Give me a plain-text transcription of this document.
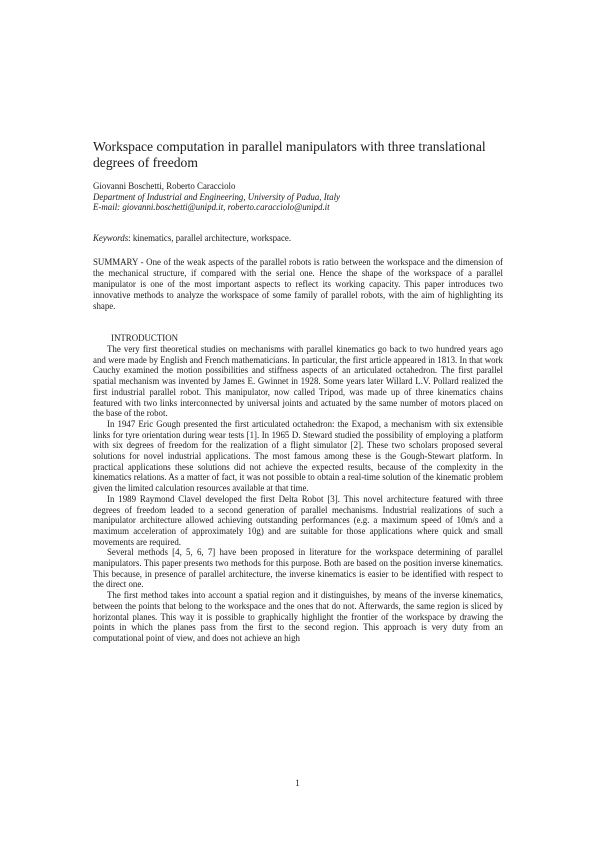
Workspace computation in parallel manipulators with three translational degrees of freedom
Giovanni Boschetti, Roberto Caracciolo
Department of Industrial and Engineering, University of Padua, Italy
E-mail: giovanni.boschetti@unipd.it, roberto.caracciolo@unipd.it
Keywords: kinematics, parallel architecture, workspace.

SUMMARY - One of the weak aspects of the parallel robots is ratio between the workspace and the dimension of the mechanical structure, if compared with the serial one. Hence the shape of the workspace of a parallel manipulator is one of the most important aspects to reflect its working capacity. This paper introduces two innovative methods to analyze the workspace of some family of parallel robots, with the aim of highlighting its shape.

INTRODUCTION

The very first theoretical studies on mechanisms with parallel kinematics go back to two hundred years ago and were made by English and French mathematicians. In particular, the first article appeared in 1813. In that work Cauchy examined the motion possibilities and stiffness aspects of an articulated octahedron. The first parallel spatial mechanism was invented by James E. Gwinnet in 1928. Some years later Willard L.V. Pollard realized the first industrial parallel robot. This manipulator, now called Tripod, was made up of three kinematics chains featured with two links interconnected by universal joints and actuated by the same number of motors placed on the base of the robot.

In 1947 Eric Gough presented the first articulated octahedron: the Exapod, a mechanism with six extensible links for tyre orientation during wear tests [1]. In 1965 D. Steward studied the possibility of employing a platform with six degrees of freedom for the realization of a flight simulator [2]. These two scholars proposed several solutions for novel industrial applications. The most famous among these is the Gough-Stewart platform. In practical applications these solutions did not achieve the expected results, because of the complexity in the kinematics relations. As a matter of fact, it was not possible to obtain a real-time solution of the kinematic problem given the limited calculation resources available at that time.

In 1989 Raymond Clavel developed the first Delta Robot [3]. This novel architecture featured with three degrees of freedom leaded to a second generation of parallel mechanisms. Industrial realizations of such a manipulator architecture allowed achieving outstanding performances (e.g. a maximum speed of 10m/s and a maximum acceleration of approximately 10g) and are suitable for those applications where quick and small movements are required.

Several methods [4, 5, 6, 7] have been proposed in literature for the workspace determining of parallel manipulators. This paper presents two methods for this purpose. Both are based on the position inverse kinematics. This because, in presence of parallel architecture, the inverse kinematics is easier to be identified with respect to the direct one.

The first method takes into account a spatial region and it distinguishes, by means of the inverse kinematics, between the points that belong to the workspace and the ones that do not. Afterwards, the same region is sliced by horizontal planes. This way it is possible to graphically highlight the frontier of the workspace by drawing the points in which the planes pass from the first to the second region. This approach is very duty from an computational point of view, and does not achieve an high

1
